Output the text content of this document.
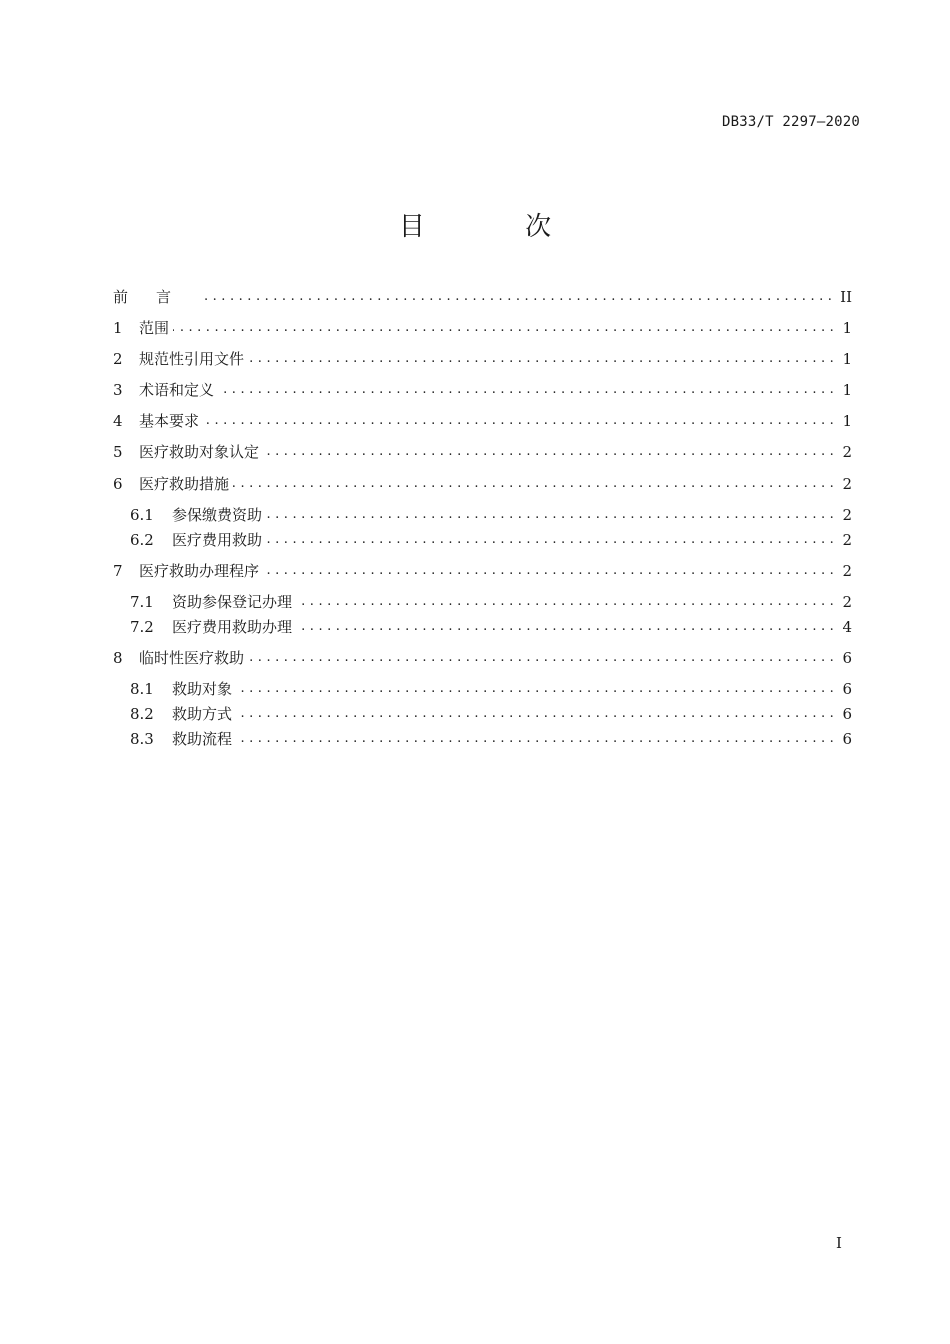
DB33/T 2297—2020
目 次
前言 . . .	II
1	范围 . . .	1
2	规范性引用文件 . . .	1
3	术语和定义 . . .	1
4	基本要求 . . .	1
5	医疗救助对象认定 . . .	2
6	医疗救助措施 . . .	2
6.1	参保缴费资助 . . .	2
6.2	医疗费用救助 . . .	2
7	医疗救助办理程序 . . .	2
7.1	资助参保登记办理 . . .	2
7.2	医疗费用救助办理 . . .	4
8	临时性医疗救助 . . .	6
8.1	救助对象 . . .	6
8.2	救助方式 . . .	6
8.3	救助流程 . . .	6
I
